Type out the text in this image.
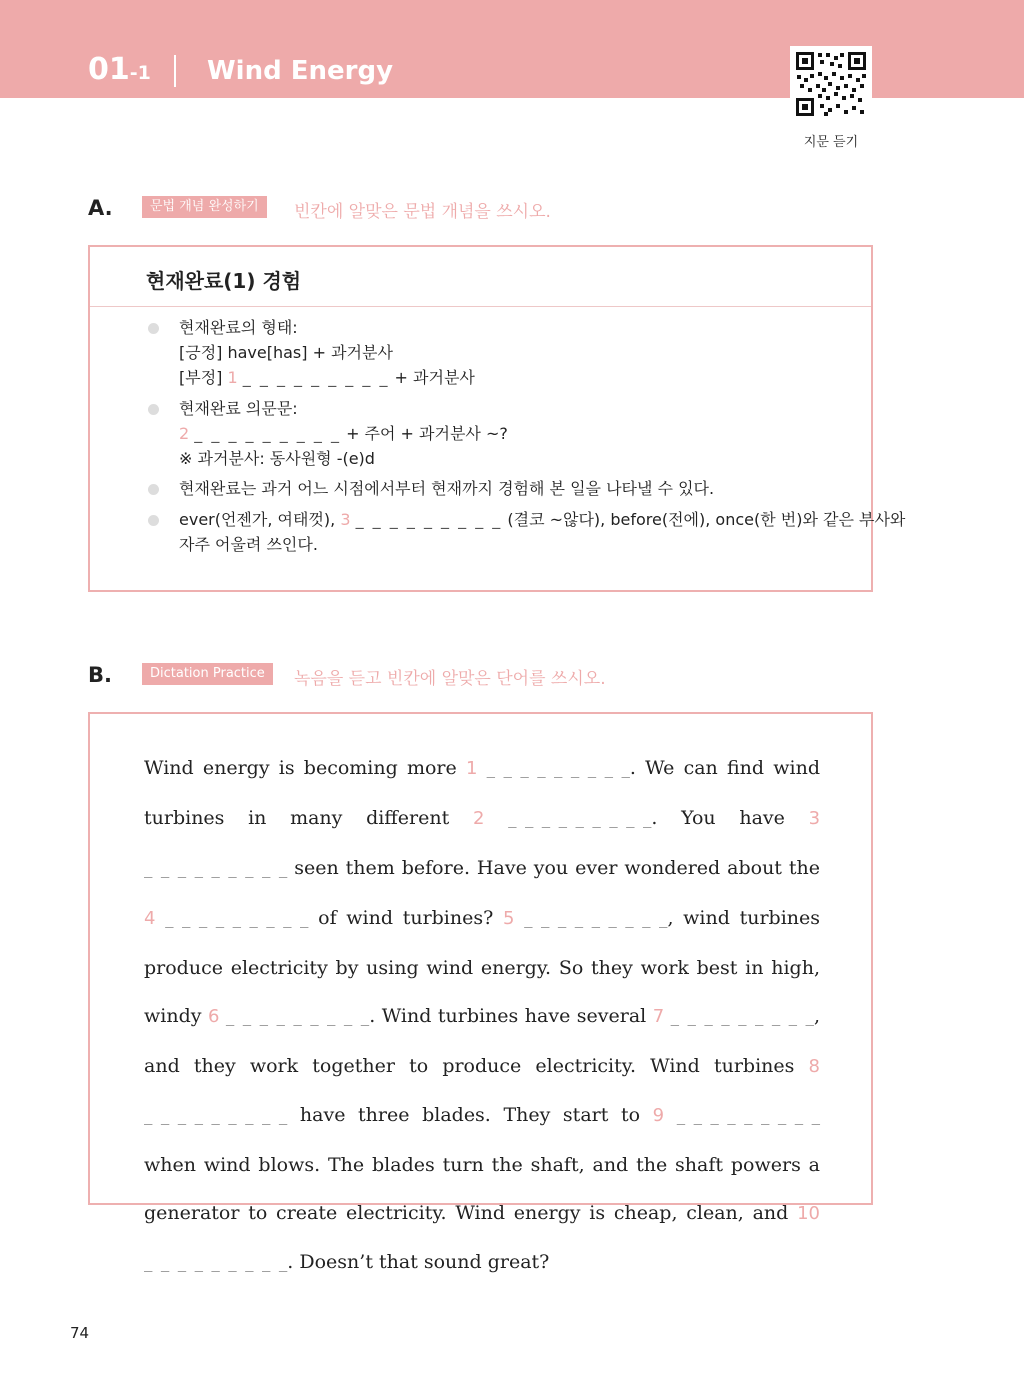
01-1 Wind Energy
지문 듣기
A.	문법 개념 완성하기	빈칸에 알맞은 문법 개념을 쓰시오.
현재완료(1) 경험
현재완료의 형태:
[긍정] have[has] + 과거분사
[부정] 1 _ _ _ _ _ _ _ _ _ + 과거분사
현재완료 의문문:
2 _ _ _ _ _ _ _ _ _ + 주어 + 과거분사 ~?
※ 과거분사: 동사원형 -(e)d
현재완료는 과거 어느 시점에서부터 현재까지 경험해 본 일을 나타낼 수 있다.
ever(언젠가, 여태껏), 3 _ _ _ _ _ _ _ _ _ (결코 ~않다), before(전에), once(한 번)와 같은 부사와
자주 어울려 쓰인다.
B.	Dictation Practice	녹음을 듣고 빈칸에 알맞은 단어를 쓰시오.

Wind energy is becoming more 1 _ _ _ _ _ _ _ _ _. We can find wind turbines in many different 2 _ _ _ _ _ _ _ _ _. You have 3 _ _ _ _ _ _ _ _ _ seen them before. Have you ever wondered about the 4 _ _ _ _ _ _ _ _ _ of wind turbines? 5 _ _ _ _ _ _ _ _ _, wind turbines produce electricity by using wind energy. So they work best in high, windy 6 _ _ _ _ _ _ _ _ _. Wind turbines have several 7 _ _ _ _ _ _ _ _ _, and they work together to produce electricity. Wind turbines 8 _ _ _ _ _ _ _ _ _ have three blades. They start to 9 _ _ _ _ _ _ _ _ _ when wind blows. The blades turn the shaft, and the shaft powers a generator to create electricity. Wind energy is cheap, clean, and 10 _ _ _ _ _ _ _ _ _. Doesn’t that sound great?

74
